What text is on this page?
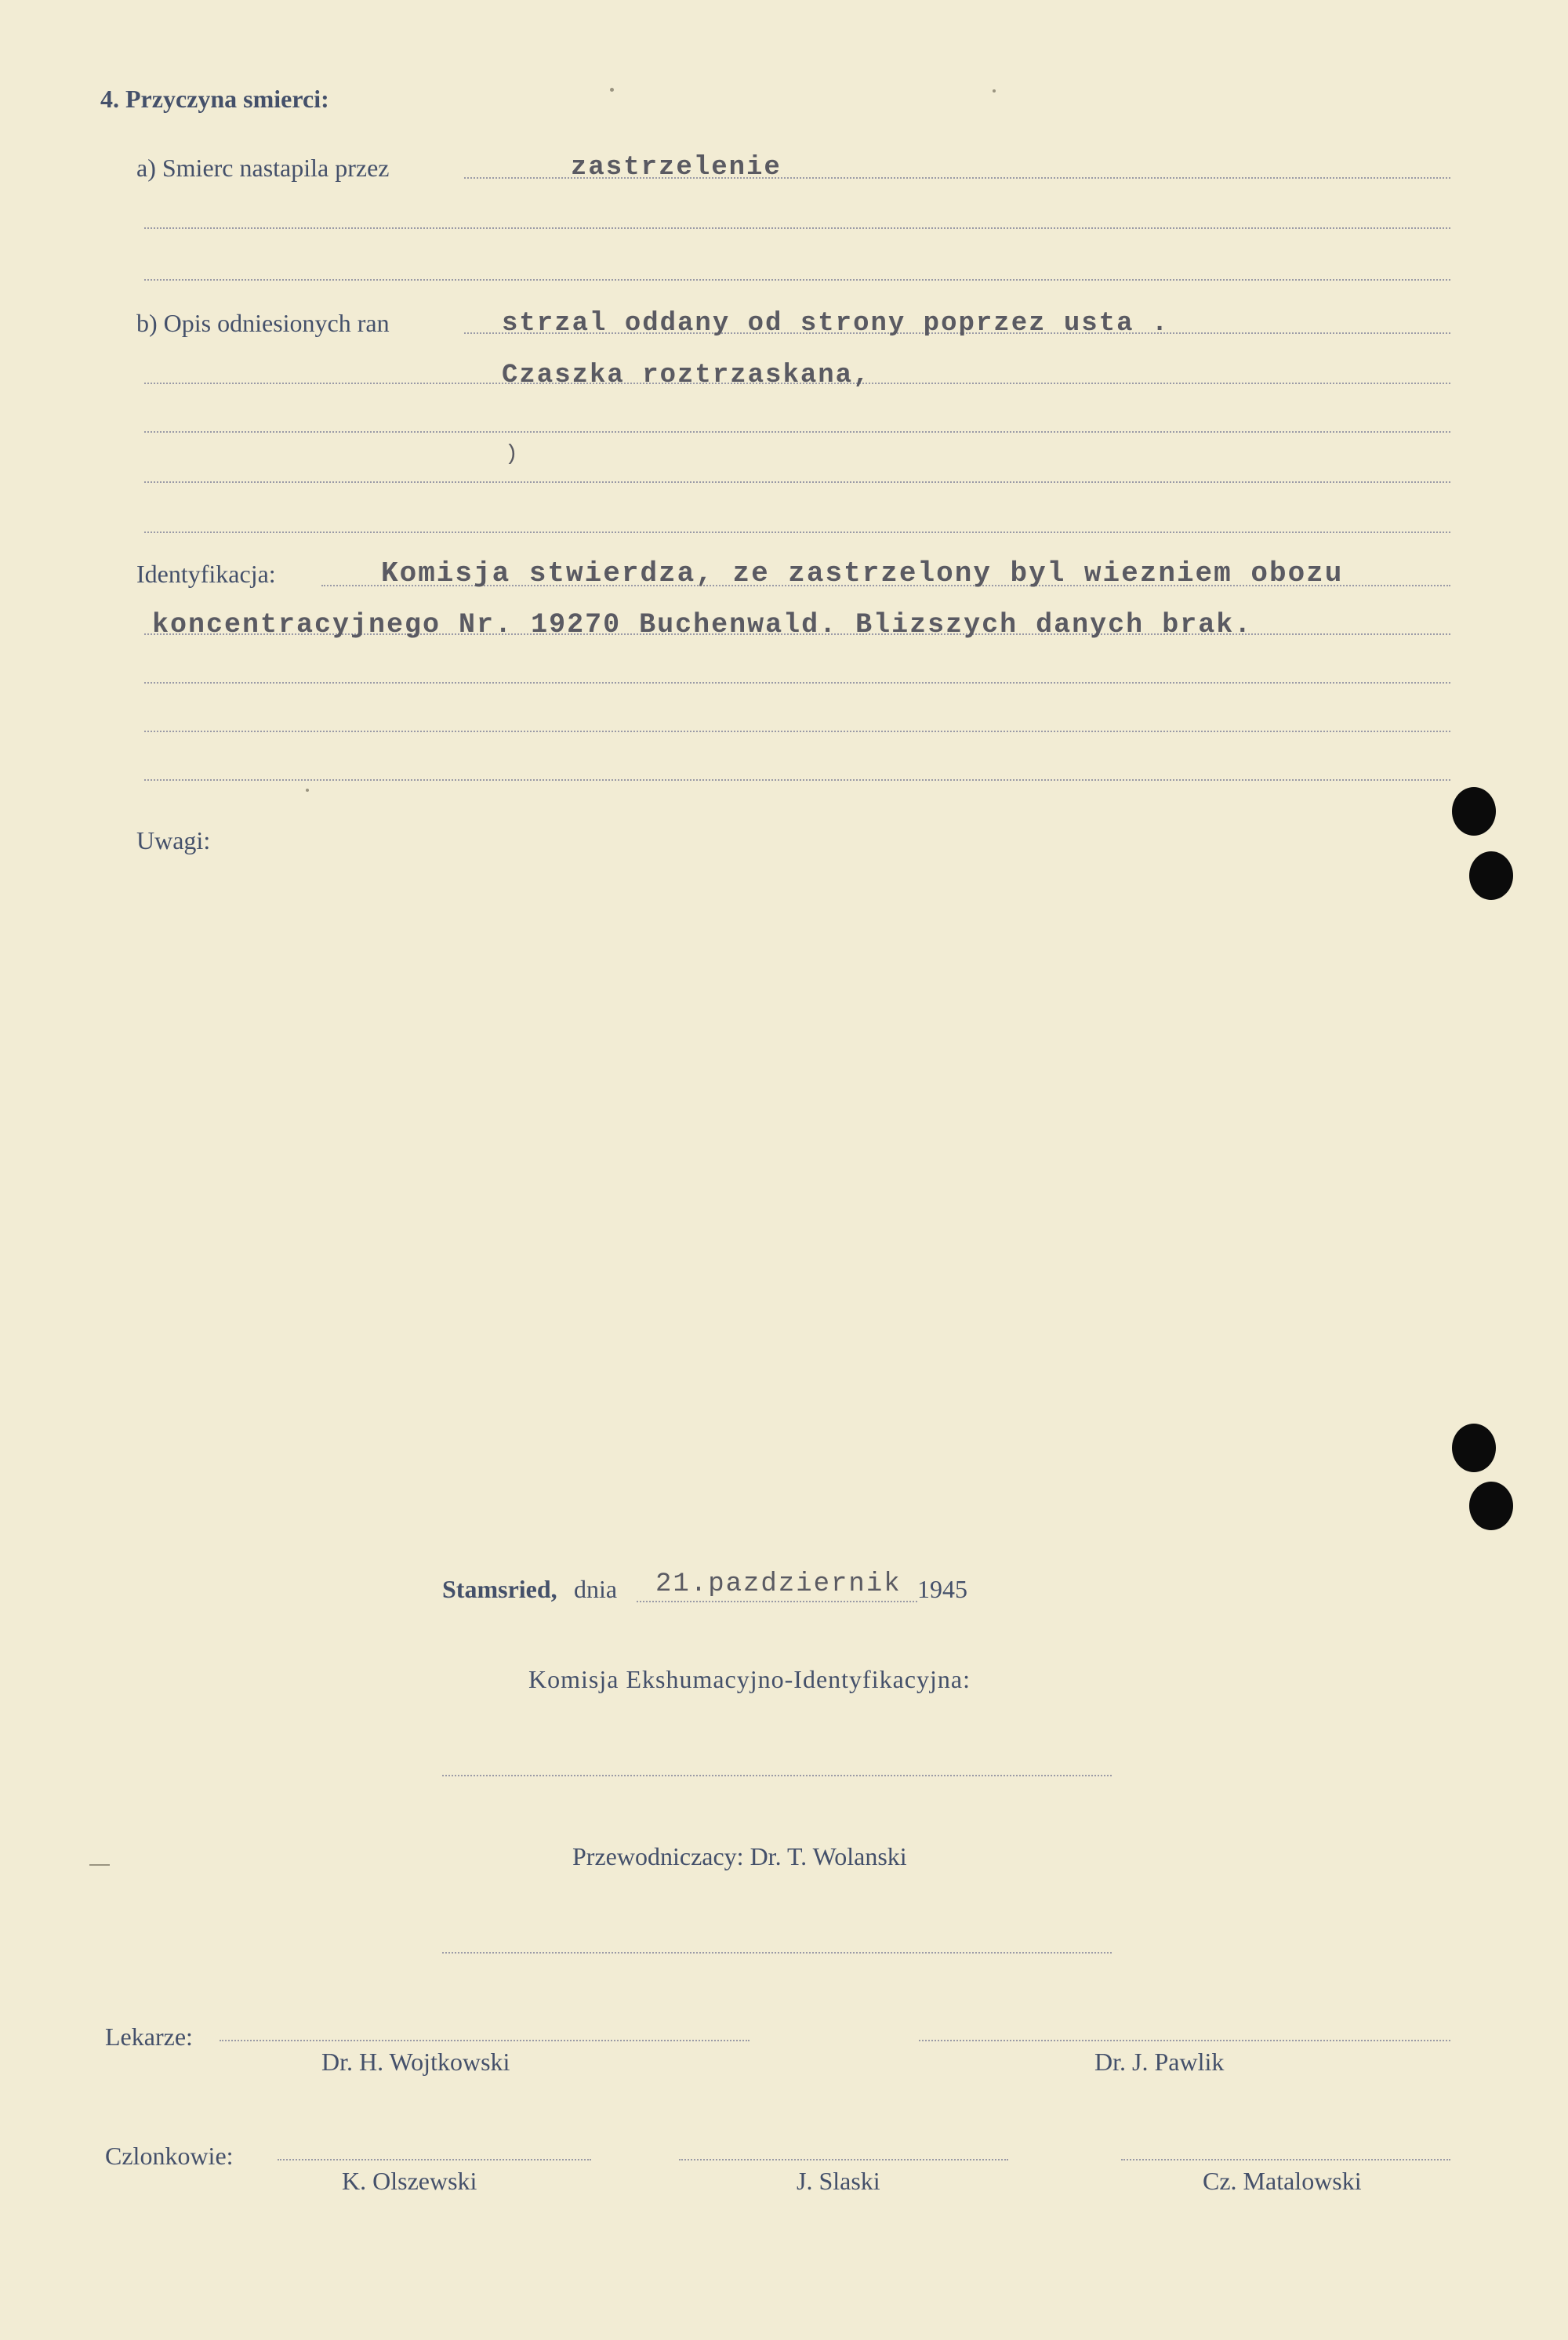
4. Przyczyna smierci:
a) Smierc nastapila przez	zastrzelenie
b) Opis odniesionych ran	strzal oddany od strony poprzez usta .
Czaszka roztrzaskana,
)
Identyfikacja:	Komisja stwierdza, ze zastrzelony byl wiezniem obozu
koncentracyjnego Nr. 19270 Buchenwald. Blizszych danych brak.
Uwagi:
Stamsried, dnia 21.pazdziernik 1945
Komisja Ekshumacyjno-Identyfikacyjna:
Przewodniczacy: Dr. T. Wolanski
Lekarze:
Dr. H. Wojtkowski	Dr. J. Pawlik
Czlonkowie:
K. Olszewski	J. Slaski	Cz. Matalowski
